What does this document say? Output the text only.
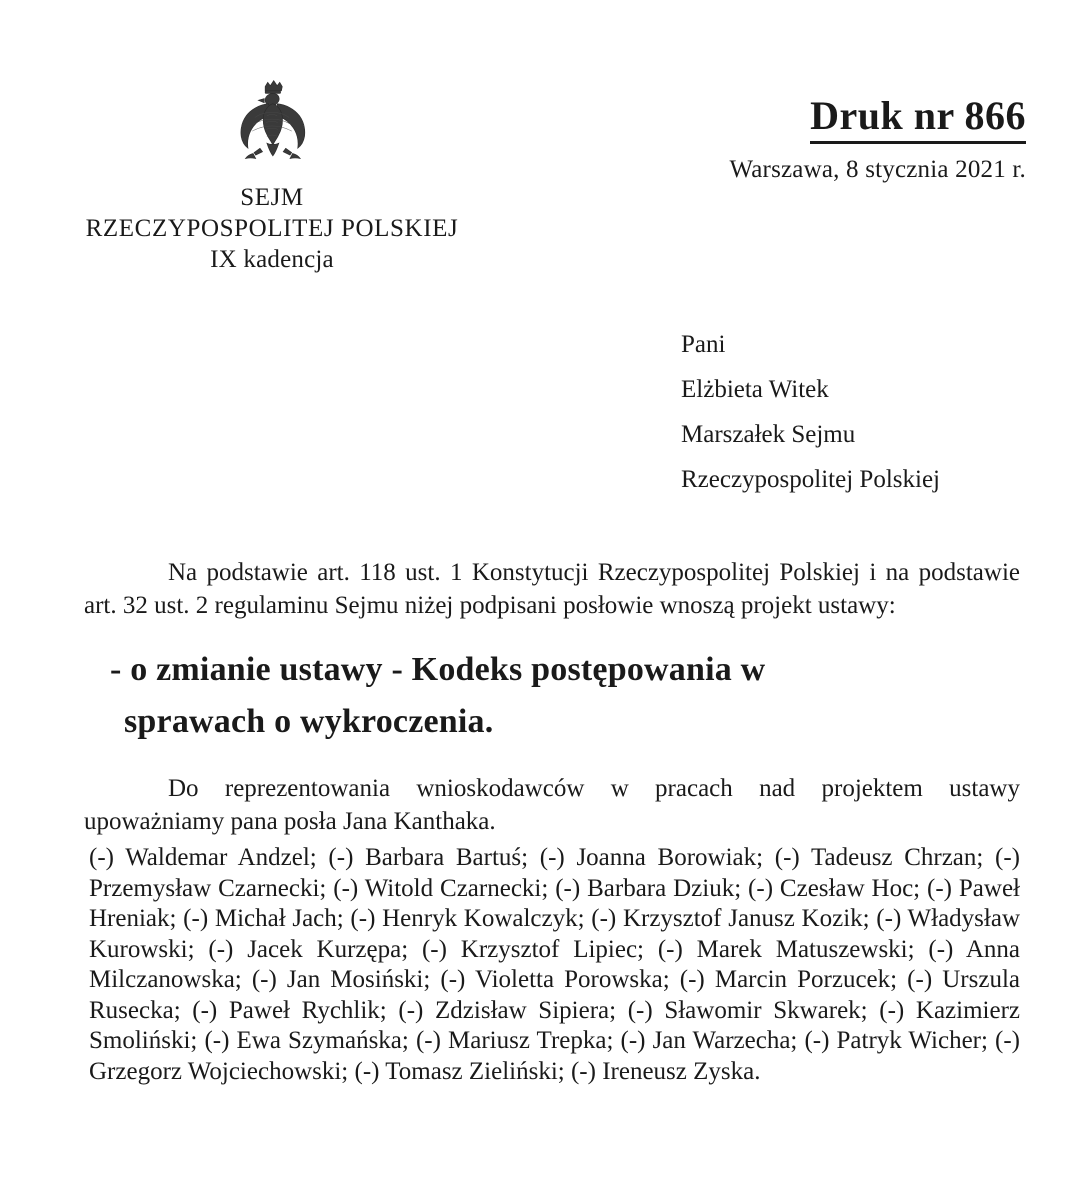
SEJM
RZECZYPOSPOLITEJ POLSKIEJ
IX kadencja
Druk nr 866
Warszawa, 8 stycznia 2021 r.
Pani
Elżbieta Witek
Marszałek Sejmu
Rzeczypospolitej Polskiej

Na podstawie art. 118 ust. 1 Konstytucji Rzeczypospolitej Polskiej i na podstawie art. 32 ust. 2 regulaminu Sejmu niżej podpisani posłowie wnoszą projekt ustawy:

- o zmianie ustawy - Kodeks postępowania w
sprawach o wykroczenia.

Do reprezentowania wnioskodawców w pracach nad projektem ustawy upoważniamy pana posła Jana Kanthaka.

(-) Waldemar Andzel; (-) Barbara Bartuś; (-) Joanna Borowiak; (-) Tadeusz Chrzan; (-) Przemysław Czarnecki; (-) Witold Czarnecki; (-) Barbara Dziuk; (-) Czesław Hoc; (-) Paweł Hreniak; (-) Michał Jach; (-) Henryk Kowalczyk; (-) Krzysztof Janusz Kozik; (-) Władysław Kurowski; (-) Jacek Kurzępa; (-) Krzysztof Lipiec; (-) Marek Matuszewski; (-) Anna Milczanowska; (-) Jan Mosiński; (-) Violetta Porowska; (-) Marcin Porzucek; (-) Urszula Rusecka; (-) Paweł Rychlik; (-) Zdzisław Sipiera; (-) Sławomir Skwarek; (-) Kazimierz Smoliński; (-) Ewa Szymańska; (-) Mariusz Trepka; (-) Jan Warzecha; (-) Patryk Wicher; (-) Grzegorz Wojciechowski; (-) Tomasz Zieliński; (-) Ireneusz Zyska.
